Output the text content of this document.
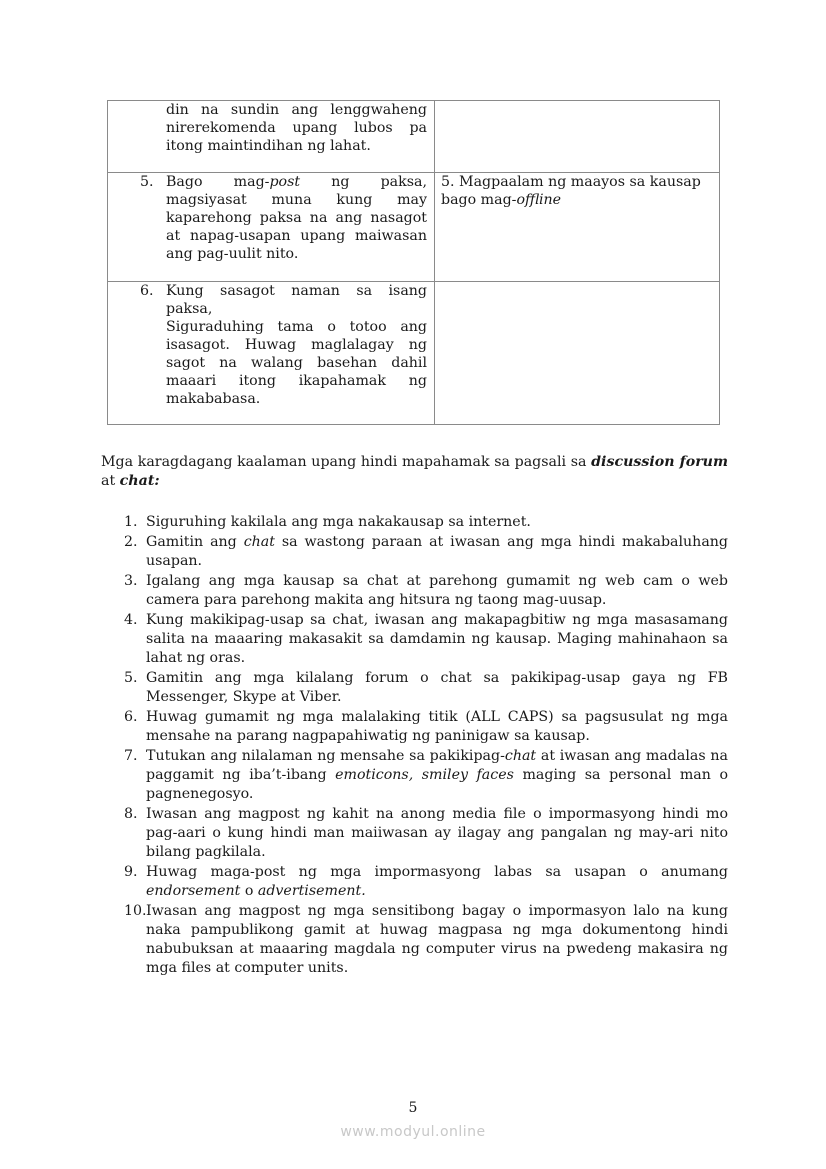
din na sundin ang lenggwaheng nirerekomenda upang lubos pa itong maintindihan ng lahat.	

5. Bago mag-post ng paksa, magsiyasat muna kung may kaparehong paksa na ang nasagot at napag-usapan upang maiwasan ang pag-uulit nito.	5. Magpaalam ng maayos sa kausap bago mag-offline

6. Kung sasagot naman sa isang paksa,
Siguraduhing tama o totoo ang isasagot. Huwag maglalagay ng sagot na walang basehan dahil maaari itong ikapahamak ng makababasa.	

Mga karagdagang kaalaman upang hindi mapahamak sa pagsali sa discussion forum at chat:

1. Siguruhing kakilala ang mga nakakausap sa internet.
2. Gamitin ang chat sa wastong paraan at iwasan ang mga hindi makabaluhang usapan.
3. Igalang ang mga kausap sa chat at parehong gumamit ng web cam o web camera para parehong makita ang hitsura ng taong mag-uusap.
4. Kung makikipag-usap sa chat, iwasan ang makapagbitiw ng mga masasamang salita na maaaring makasakit sa damdamin ng kausap. Maging mahinahaon sa lahat ng oras.
5. Gamitin ang mga kilalang forum o chat sa pakikipag-usap gaya ng FB Messenger, Skype at Viber.
6. Huwag gumamit ng mga malalaking titik (ALL CAPS) sa pagsusulat ng mga mensahe na parang nagpapahiwatig ng paninigaw sa kausap.
7. Tutukan ang nilalaman ng mensahe sa pakikipag-chat at iwasan ang madalas na paggamit ng iba’t-ibang emoticons, smiley faces maging sa personal man o pagnenegosyo.
8. Iwasan ang magpost ng kahit na anong media file o impormasyong hindi mo pag-aari o kung hindi man maiiwasan ay ilagay ang pangalan ng may-ari nito bilang pagkilala.
9. Huwag maga-post ng mga impormasyong labas sa usapan o anumang endorsement o advertisement.
10. Iwasan ang magpost ng mga sensitibong bagay o impormasyon lalo na kung naka pampublikong gamit at huwag magpasa ng mga dokumentong hindi nabubuksan at maaaring magdala ng computer virus na pwedeng makasira ng mga files at computer units.
5
www.modyul.online
